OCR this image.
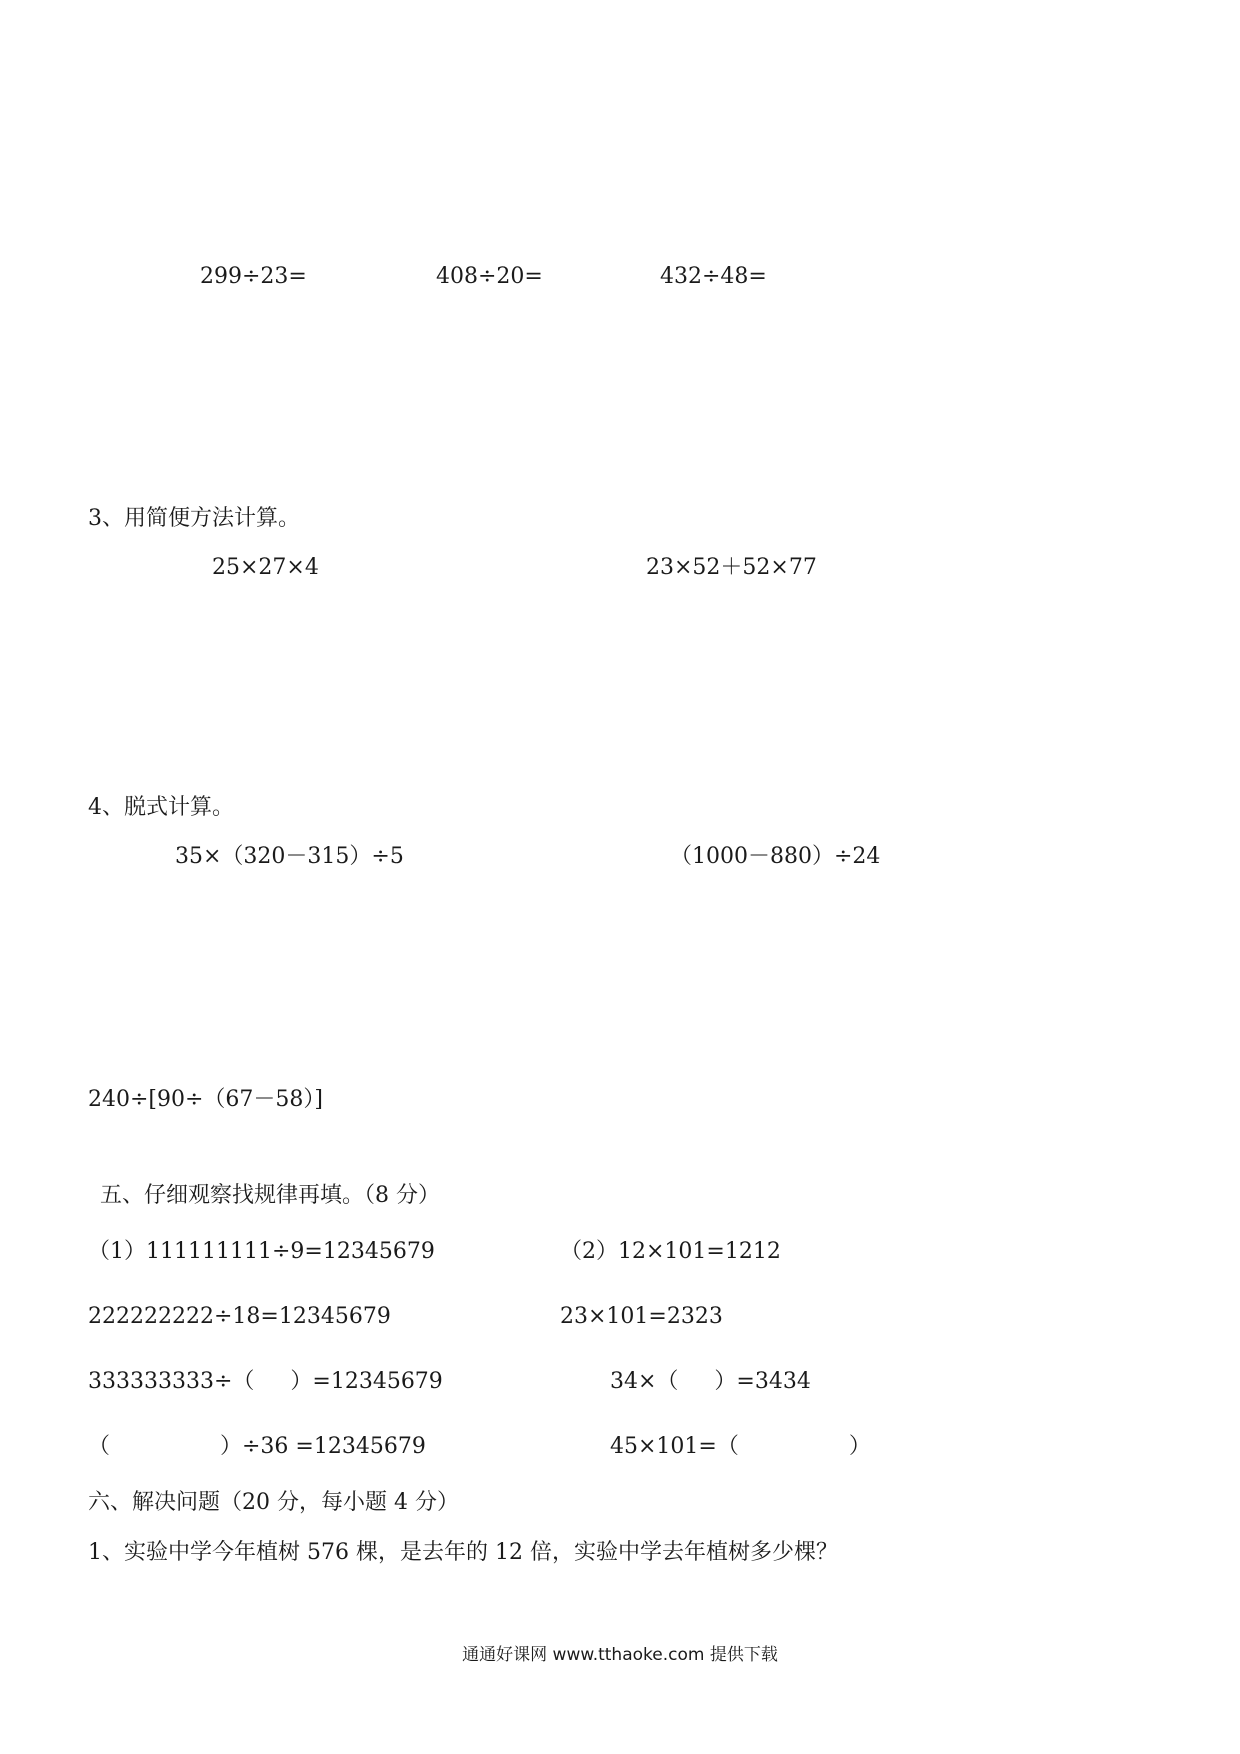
299÷23=	408÷20=	432÷48=
3、用简便方法计算。
25×27×4	23×52＋52×77
4、脱式计算。
35×（320－315）÷5	（1000－880）÷24
240÷[90÷（67－58）]
五、仔细观察找规律再填。（8 分）
（1）111111111÷9=12345679
222222222÷18=12345679
333333333÷（　  ）=12345679
（　　　　　）÷36 =12345679
（2）12×101=1212
23×101=2323
34×（　  ）=3434
45×101=（　　　　　）
六、解决问题（20 分，每小题 4 分）
1、实验中学今年植树 576 棵，是去年的 12 倍，实验中学去年植树多少棵？
通通好课网 www.tthaoke.com 提供下载
